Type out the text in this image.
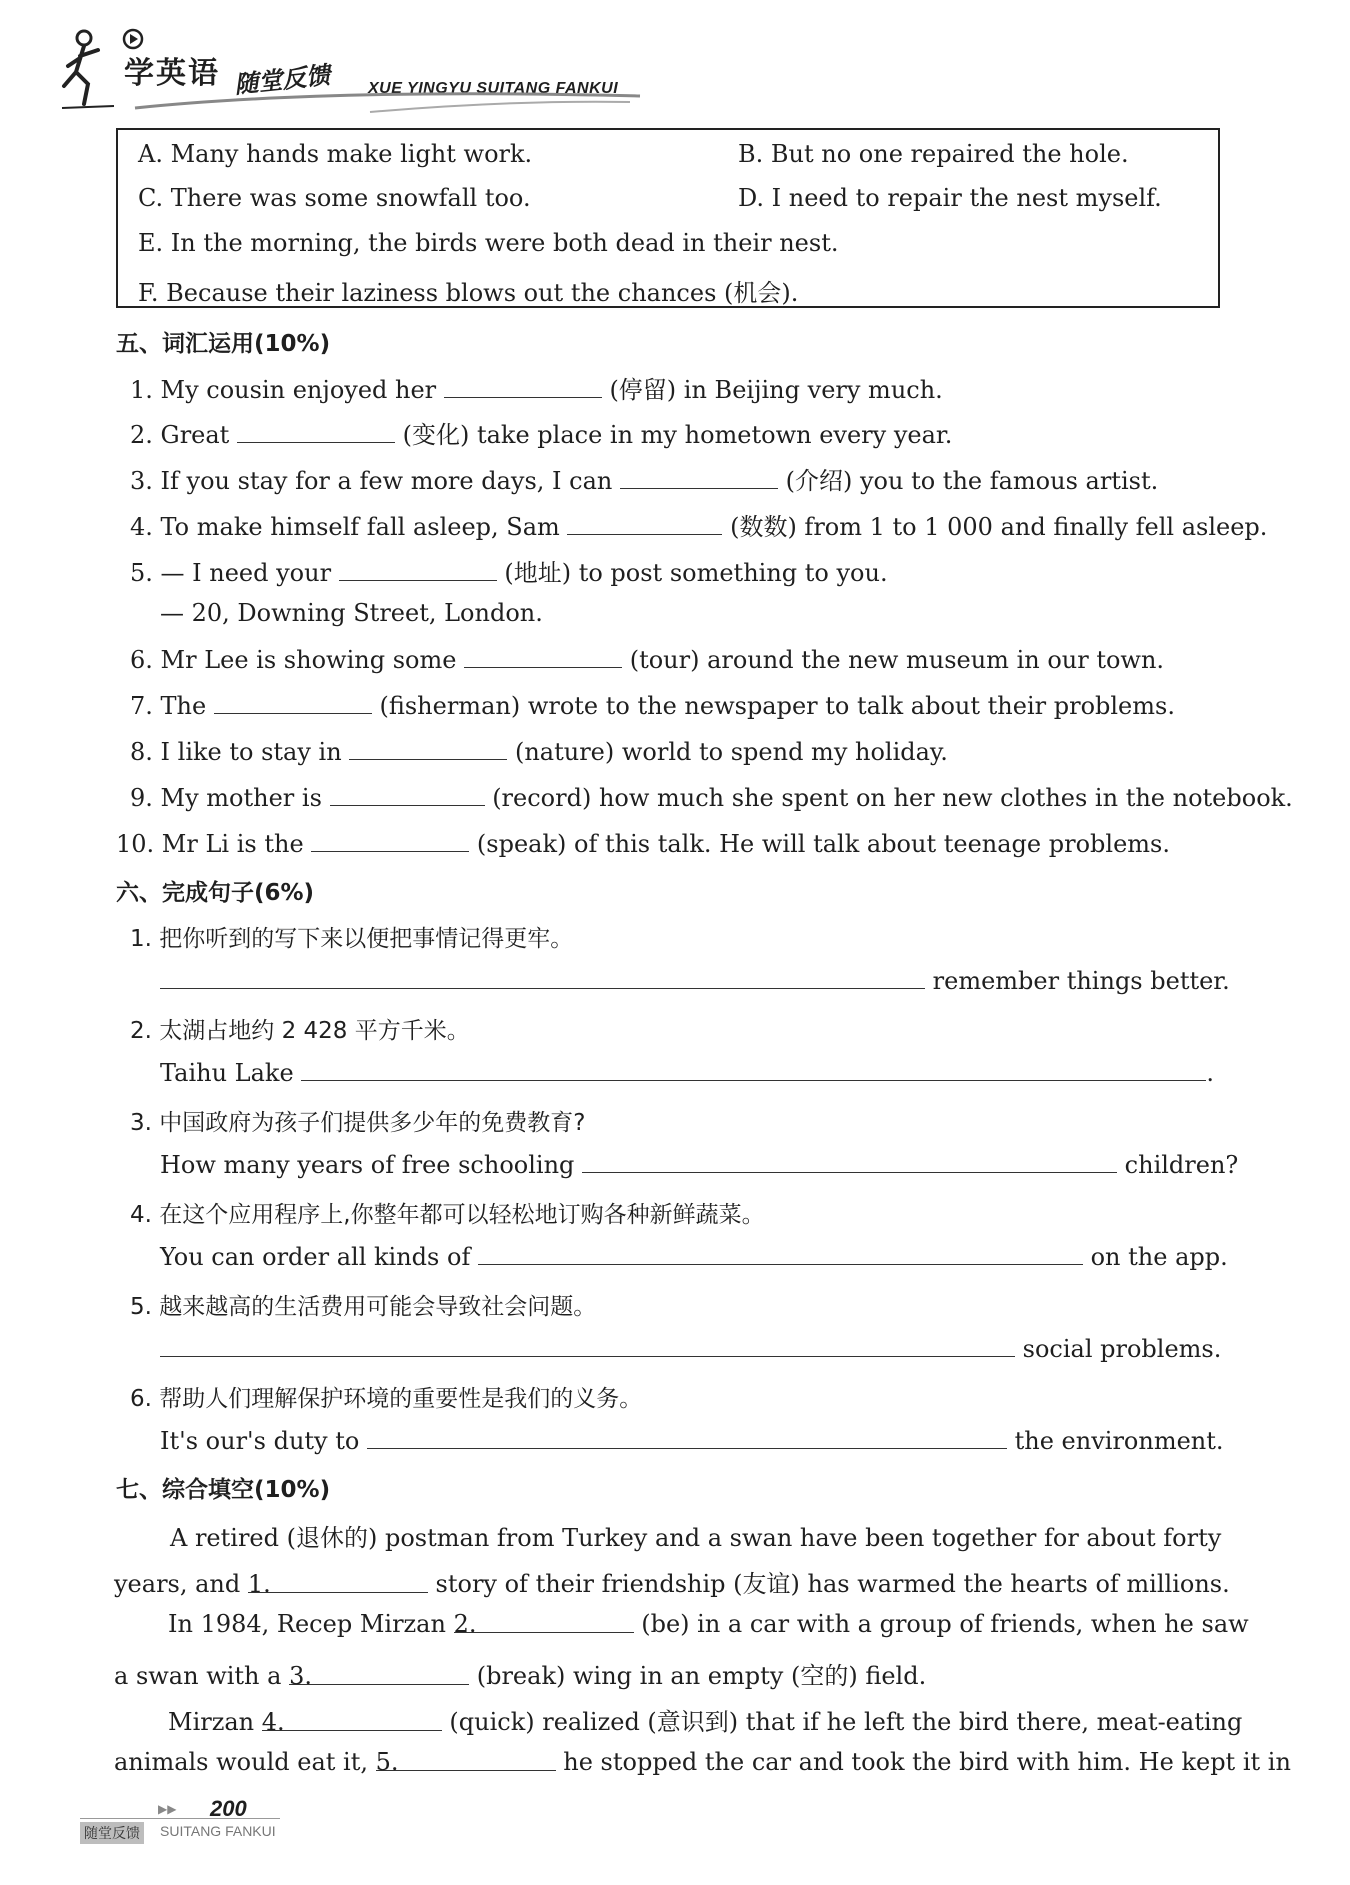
学英语 随堂反馈 XUE YINGYU SUITANG FANKUI
A. Many hands make light work.	B. But no one repaired the hole.
C. There was some snowfall too.	D. I need to repair the nest myself.
E. In the morning, the birds were both dead in their nest.
F. Because their laziness blows out the chances (机会).
五、词汇运用(10%)
1. My cousin enjoyed her	(停留) in Beijing very much.
2. Great	(变化) take place in my hometown every year.
3. If you stay for a few more days, I can	(介绍) you to the famous artist.
4. To make himself fall asleep, Sam	(数数) from 1 to 1 000 and finally fell asleep.
5. — I need your	(地址) to post something to you.
— 20, Downing Street, London.
6. Mr Lee is showing some	(tour) around the new museum in our town.
7. The	(fisherman) wrote to the newspaper to talk about their problems.
8. I like to stay in	(nature) world to spend my holiday.
9. My mother is	(record) how much she spent on her new clothes in the notebook.
10. Mr Li is the	(speak) of this talk. He will talk about teenage problems.
六、完成句子(6%)
1. 把你听到的写下来以便把事情记得更牢。
remember things better.
2. 太湖占地约 2 428 平方千米。
Taihu Lake	.
3. 中国政府为孩子们提供多少年的免费教育?
How many years of free schooling	children?
4. 在这个应用程序上,你整年都可以轻松地订购各种新鲜蔬菜。
You can order all kinds of	on the app.
5. 越来越高的生活费用可能会导致社会问题。
social problems.
6. 帮助人们理解保护环境的重要性是我们的义务。
It's our's duty to	the environment.
七、综合填空(10%)
A retired (退休的) postman from Turkey and a swan have been together for about forty
years, and 1.	story of their friendship (友谊) has warmed the hearts of millions.
In 1984, Recep Mirzan 2.	(be) in a car with a group of friends, when he saw
a swan with a 3.	(break) wing in an empty (空的) field.
Mirzan 4.	(quick) realized (意识到) that if he left the bird there, meat-eating
animals would eat it, 5.	he stopped the car and took the bird with him. He kept it in
▶▶ 200
随堂反馈 SUITANG FANKUI
